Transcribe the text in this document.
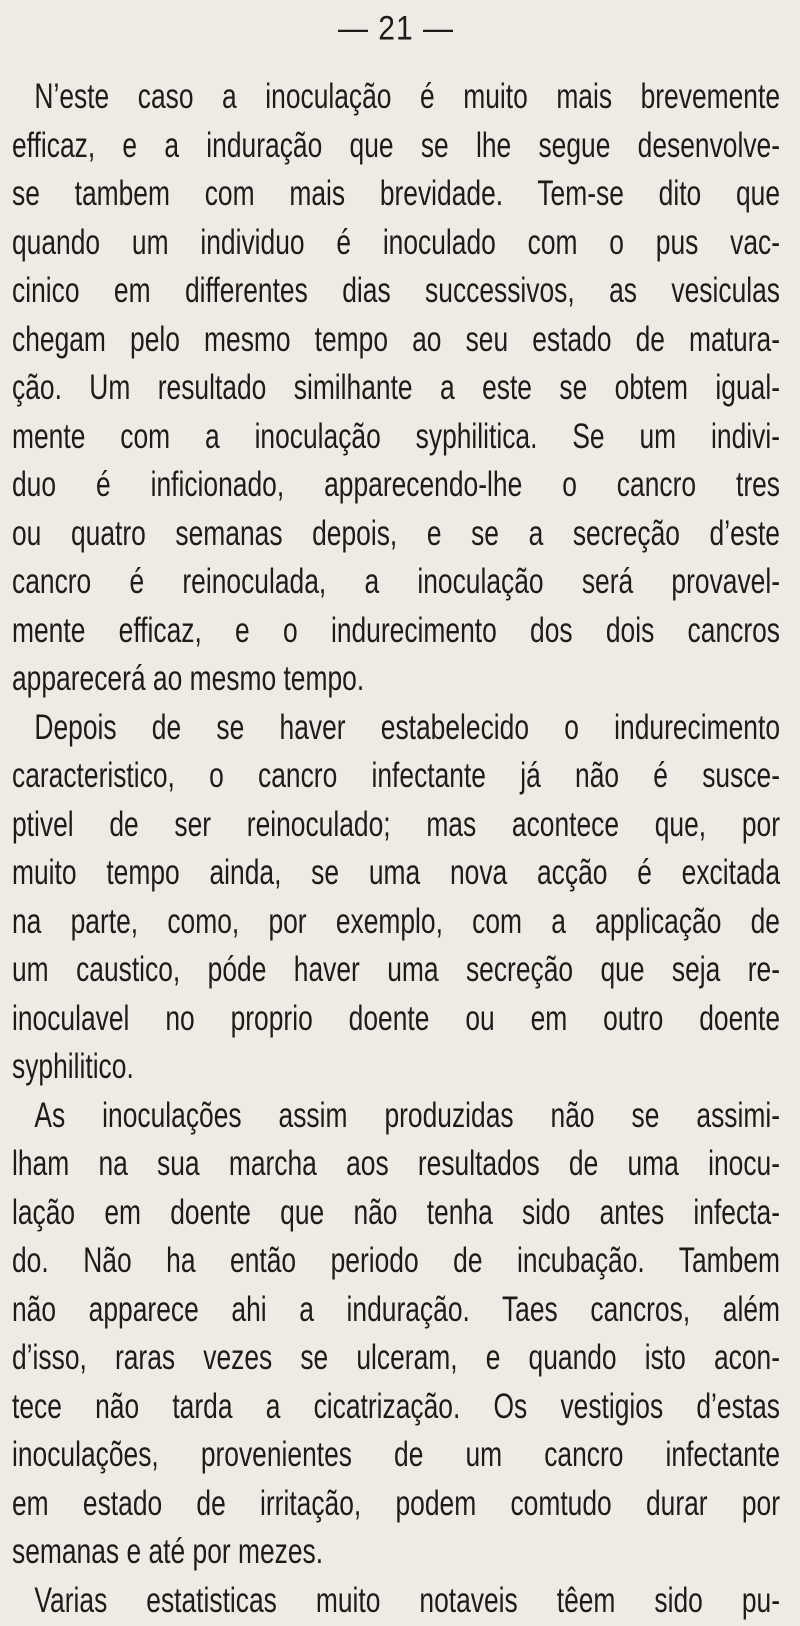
— 21 —
N’este caso a inoculação é muito mais brevemente
efficaz, e a induração que se lhe segue desenvolve-
se tambem com mais brevidade. Tem-se dito que
quando um individuo é inoculado com o pus vac-
cinico em differentes dias successivos, as vesiculas
chegam pelo mesmo tempo ao seu estado de matura-
ção. Um resultado similhante a este se obtem igual-
mente com a inoculação syphilitica. Se um indivi-
duo é inficionado, apparecendo-lhe o cancro tres
ou quatro semanas depois, e se a secreção d’este
cancro é reinoculada, a inoculação será provavel-
mente efficaz, e o indurecimento dos dois cancros
apparecerá ao mesmo tempo.
Depois de se haver estabelecido o indurecimento
caracteristico, o cancro infectante já não é susce-
ptivel de ser reinoculado; mas acontece que, por
muito tempo ainda, se uma nova acção é excitada
na parte, como, por exemplo, com a applicação de
um caustico, póde haver uma secreção que seja re-
inoculavel no proprio doente ou em outro doente
syphilitico.
As inoculações assim produzidas não se assimi-
lham na sua marcha aos resultados de uma inocu-
lação em doente que não tenha sido antes infecta-
do. Não ha então periodo de incubação. Tambem
não apparece ahi a induração. Taes cancros, além
d’isso, raras vezes se ulceram, e quando isto acon-
tece não tarda a cicatrização. Os vestigios d’estas
inoculações, provenientes de um cancro infectante
em estado de irritação, podem comtudo durar por
semanas e até por mezes.
Varias estatisticas muito notaveis têem sido pu-
